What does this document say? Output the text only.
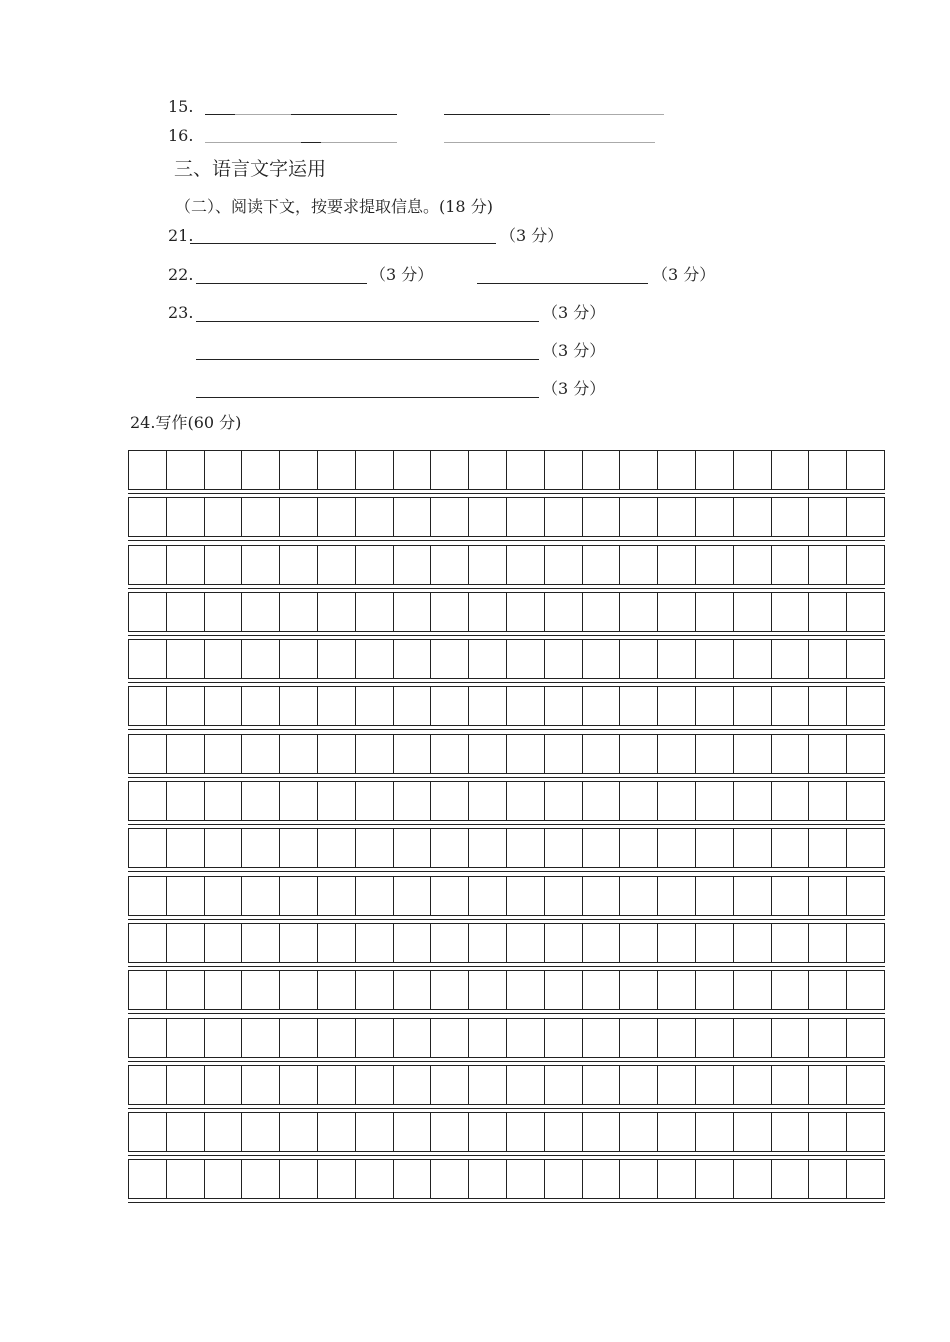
15.
16.
三、语言文字运用
（二）、阅读下文，按要求提取信息。(18 分)
21.	（3 分）
22.	（3 分）	（3 分）
23.	（3 分）
（3 分）
（3 分）
24.写作(60 分)
